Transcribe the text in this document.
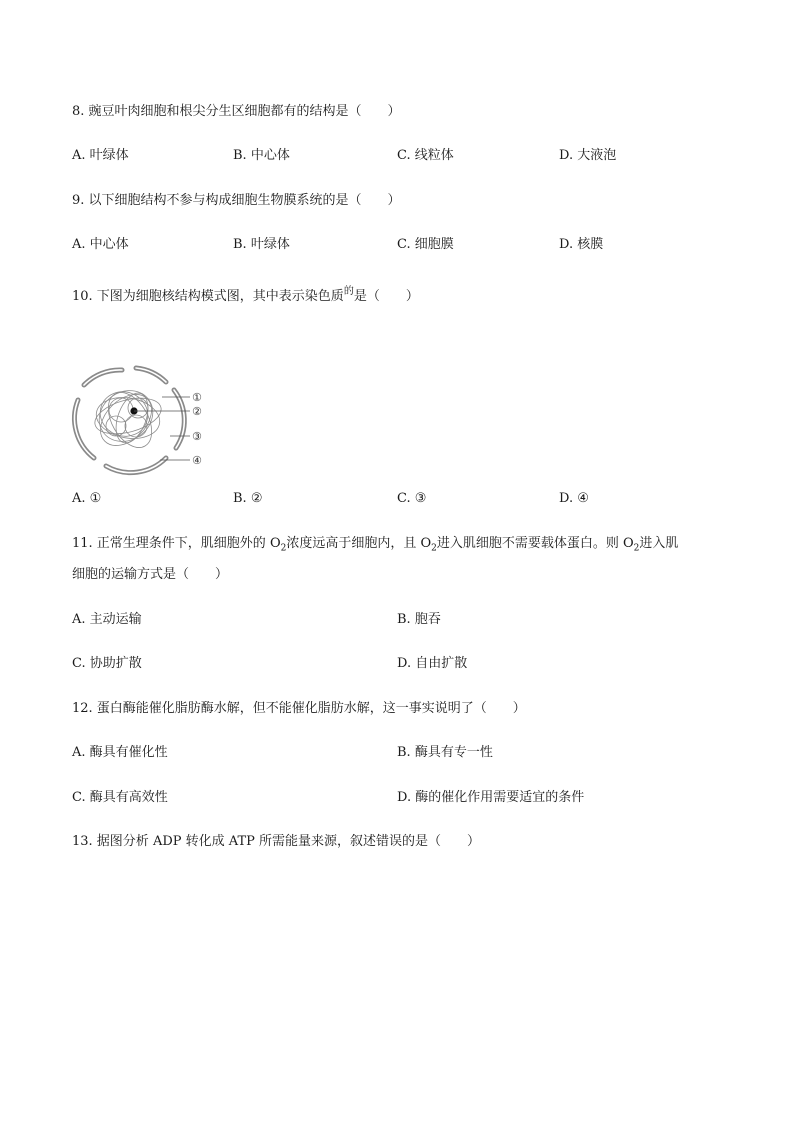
8. 豌豆叶肉细胞和根尖分生区细胞都有的结构是（　　）
A. 叶绿体	B. 中心体	C. 线粒体	D. 大液泡
9. 以下细胞结构不参与构成细胞生物膜系统的是（　　）
A. 中心体	B. 叶绿体	C. 细胞膜	D. 核膜
10. 下图为细胞核结构模式图，其中表示染色质$^的$是（　　）
①
②
③
④
A. ①	B. ②	C. ③	D. ④
11. 正常生理条件下，肌细胞外的 $O_2$浓度远高于细胞内，且 $O_2$进入肌细胞不需要载体蛋白。则 $O_2$进入肌
细胞的运输方式是（　　）
A. 主动运输	B. 胞吞
C. 协助扩散	D. 自由扩散
12. 蛋白酶能催化脂肪酶水解，但不能催化脂肪水解，这一事实说明了（　　）
A. 酶具有催化性	B. 酶具有专一性
C. 酶具有高效性	D. 酶的催化作用需要适宜的条件
13. 据图分析 ADP 转化成 ATP 所需能量来源，叙述错误的是（　　）
